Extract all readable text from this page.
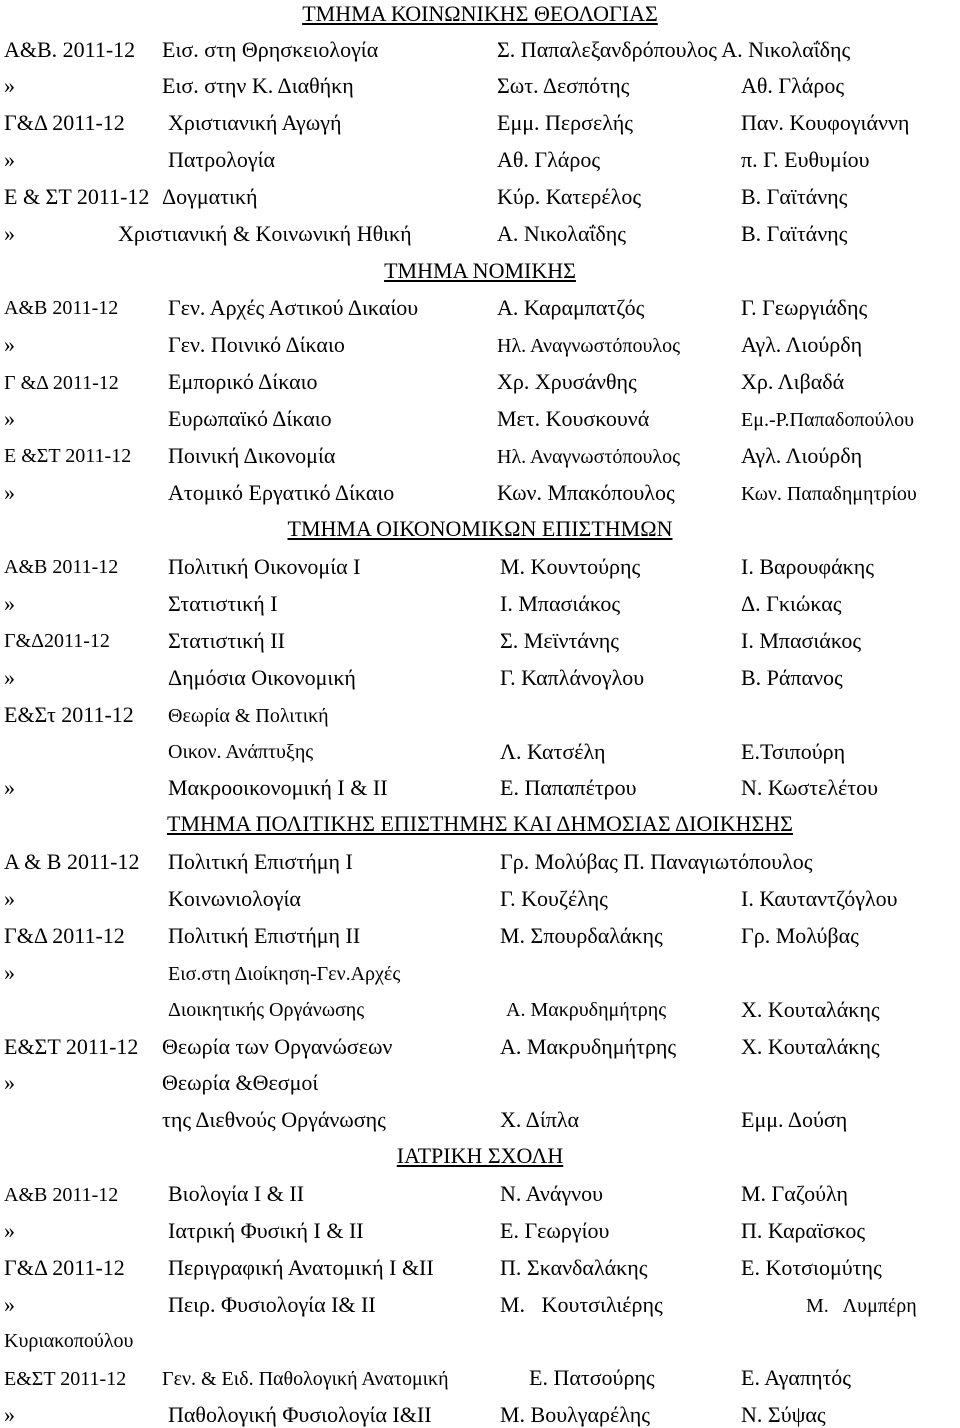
ΤΜΗΜΑ ΚΟΙΝΩΝΙΚΗΣ ΘΕΟΛΟΓΙΑΣ
Α&Β. 2011-12 Εισ. στη Θρησκειολογία	Σ. Παπαλεξανδρόπουλος Α. Νικολαΐδης
»	Εισ. στην Κ. Διαθήκη	Σωτ. Δεσπότης	Αθ. Γλάρος
Γ&Δ 2011-12 Χριστιανική Αγωγή	Εμμ. Περσελής	Παν. Κουφογιάννη
»	Πατρολογία	Αθ. Γλάρος	π. Γ. Ευθυμίου
Ε & ΣΤ 2011-12 Δογματική	Κύρ. Κατερέλος	Β. Γαϊτάνης
»	Χριστιανική & Κοινωνική Ηθική	Α. Νικολαΐδης	Β. Γαϊτάνης
ΤΜΗΜΑ ΝΟΜΙΚΗΣ
Α&Β 2011-12 Γεν. Αρχές Αστικού Δικαίου	Α. Καραμπατζός	Γ. Γεωργιάδης
»	Γεν. Ποινικό Δίκαιο	Ηλ. Αναγνωστόπουλος	Αγλ. Λιούρδη
Γ &Δ 2011-12 Εμπορικό Δίκαιο	Χρ. Χρυσάνθης	Χρ. Λιβαδά
»	Ευρωπαϊκό Δίκαιο	Μετ. Κουσκουνά	Εμ.-Ρ.Παπαδοπούλου
Ε &ΣΤ 2011-12 Ποινική Δικονομία	Ηλ. Αναγνωστόπουλος	Αγλ. Λιούρδη
»	Ατομικό Εργατικό Δίκαιο	Κων. Μπακόπουλος	Κων. Παπαδημητρίου
ΤΜΗΜΑ ΟΙΚΟΝΟΜΙΚΩΝ ΕΠΙΣΤΗΜΩΝ
Α&Β 2011-12 Πολιτική Οικονομία Ι	Μ. Κουντούρης	Ι. Βαρουφάκης
»	Στατιστική Ι	Ι. Μπασιάκος	Δ. Γκιώκας
Γ&Δ2011-12	Στατιστική ΙΙ	Σ. Μεϊντάνης	Ι. Μπασιάκος
»	Δημόσια Οικονομική	Γ. Καπλάνογλου	Β. Ράπανος
Ε&Στ 2011-12 Θεωρία & Πολιτική
Οικον. Ανάπτυξης	Λ. Κατσέλη	Ε.Τσιπούρη
»	Μακροοικονομική Ι & ΙΙ	Ε. Παπαπέτρου	Ν. Κωστελέτου
ΤΜΗΜΑ ΠΟΛΙΤΙΚΗΣ ΕΠΙΣΤΗΜΗΣ ΚΑΙ ΔΗΜΟΣΙΑΣ ΔΙΟΙΚΗΣΗΣ
Α & Β 2011-12 Πολιτική Επιστήμη Ι	Γρ. Μολύβας Π. Παναγιωτόπουλος
»	Κοινωνιολογία	Γ. Κουζέλης	Ι. Καυταντζόγλου
Γ&Δ 2011-12 Πολιτική Επιστήμη ΙΙ	Μ. Σπουρδαλάκης	Γρ. Μολύβας
»	Εισ.στη Διοίκηση-Γεν.Αρχές
Διοικητικής Οργάνωσης	Α. Μακρυδημήτρης	Χ. Κουταλάκης
Ε&ΣΤ 2011-12 Θεωρία των Οργανώσεων	Α. Μακρυδημήτρης	Χ. Κουταλάκης
»	Θεωρία &Θεσμοί
της Διεθνούς Οργάνωσης	Χ. Δίπλα	Εμμ. Δούση
ΙΑΤΡΙΚΗ ΣΧΟΛΗ
Α&Β 2011-12 Βιολογία Ι & ΙΙ	Ν. Ανάγνου	Μ. Γαζούλη
»	Ιατρική Φυσική Ι & ΙΙ	Ε. Γεωργίου	Π. Καραϊσκος
Γ&Δ 2011-12 Περιγραφική Ανατομική Ι &ΙΙ	Π. Σκανδαλάκης	Ε. Κοτσιομύτης
»	Πειρ. Φυσιολογία Ι& ΙΙ	Μ.   Κουτσιλιέρης	Μ.   Λυμπέρη
Κυριακοπούλου
Ε&ΣΤ 2011-12 Γεν. & Ειδ. Παθολογική Ανατομική	Ε. Πατσούρης	Ε. Αγαπητός
»	Παθολογική Φυσιολογία Ι&ΙΙ	Μ. Βουλγαρέλης	Ν. Σύψας
